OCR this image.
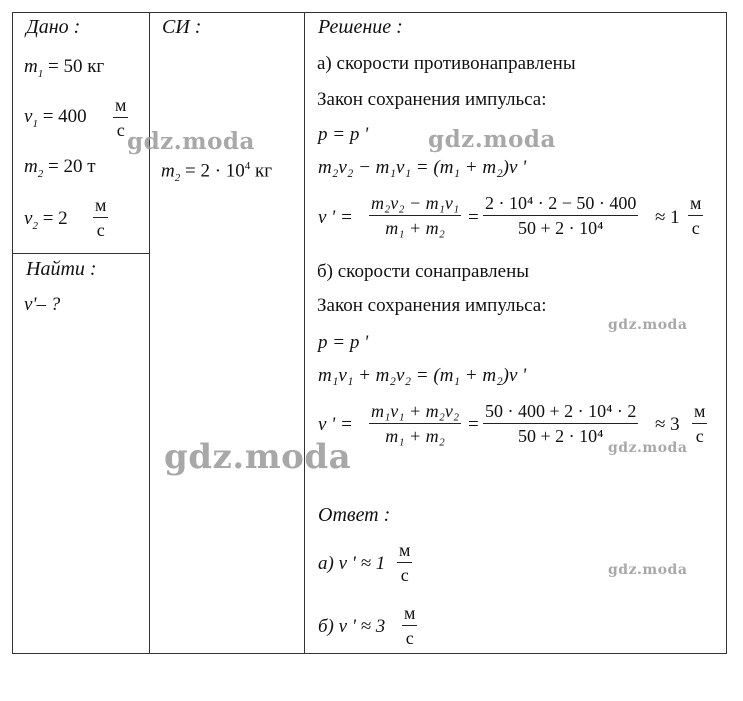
Дано :
$m_1 = 50$ кг
$v_1 = 400$
м
с
$m_2 = 20$ т
$v_2 = 2$
м
с
Найти :
v'– ?
СИ :
$m_2 = 2 \cdot 10^4$ кг
Решение :
а) скорости противонаправлены
Закон сохранения импульса:
p = p '
m₂v₂ − m₁v₁ = (m₁ + m₂)v '
v ' =
m₂v₂ − m₁v₁
m₁ + m₂ =
2 · 10⁴ · 2 − 50 · 400
50 + 2 · 10⁴	≈ 1
м
с
б) скорости сонаправлены
Закон сохранения импульса:
p = p '
m₁v₁ + m₂v₂ = (m₁ + m₂)v '
v ' =
m₁v₁ + m₂v₂
m₁ + m₂
=
50 · 400 + 2 · 10⁴ · 2
50 + 2 · 10⁴
≈ 3
м
с
Ответ :
а) v ' ≈ 1
м
с
б) v ' ≈ 3
м
с
gdz.moda	gdz.moda
gdz.moda
gdz.moda	gdz.moda
gdz.moda
